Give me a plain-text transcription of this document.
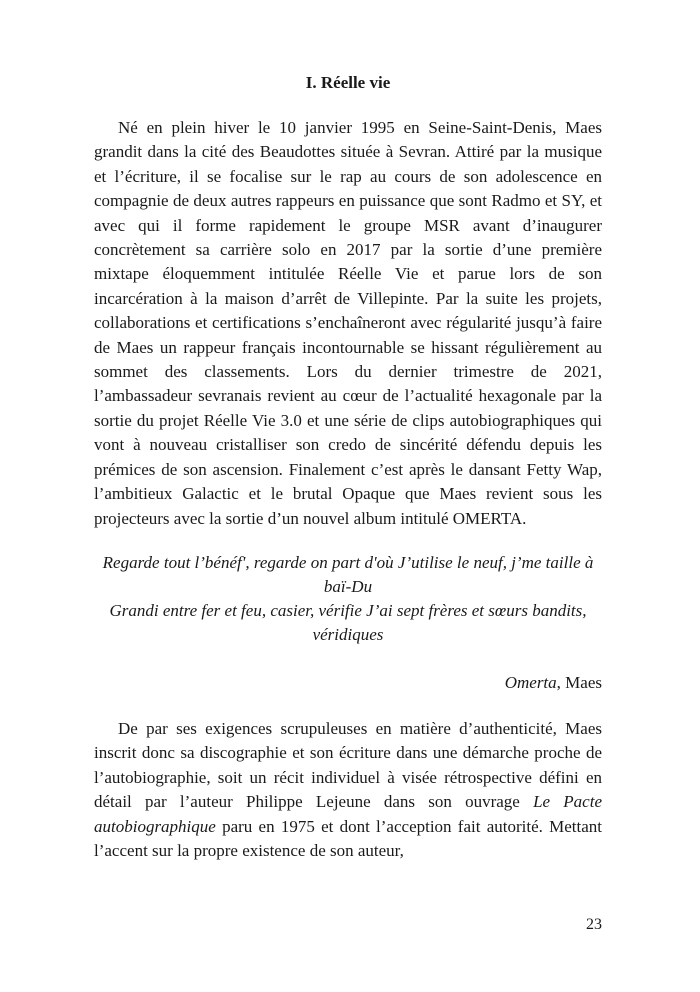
I. Réelle vie

Né en plein hiver le 10 janvier 1995 en Seine-Saint-Denis, Maes grandit dans la cité des Beaudottes située à Sevran. Attiré par la musique et l’écriture, il se focalise sur le rap au cours de son adolescence en compagnie de deux autres rappeurs en puissance que sont Radmo et SY, et avec qui il forme rapidement le groupe MSR avant d’inaugurer concrètement sa carrière solo en 2017 par la sortie d’une première mixtape éloquemment intitulée Réelle Vie et parue lors de son incarcération à la maison d’arrêt de Villepinte. Par la suite les projets, collaborations et certifications s’enchaîneront avec régularité jusqu’à faire de Maes un rappeur français incontournable se hissant régulièrement au sommet des classements. Lors du dernier trimestre de 2021, l’ambassadeur sevranais revient au cœur de l’actualité hexagonale par la sortie du projet Réelle Vie 3.0 et une série de clips autobiographiques qui vont à nouveau cristalliser son credo de sincérité défendu depuis les prémices de son ascension. Finalement c’est après le dansant Fetty Wap, l’ambitieux Galactic et le brutal Opaque que Maes revient sous les projecteurs avec la sortie d’un nouvel album intitulé OMERTA.

Regarde tout l’bénéf', regarde on part d'où J’utilise le neuf, j’me taille à baï-Du
Grandi entre fer et feu, casier, vérifie J’ai sept frères et sœurs bandits, véridiques
Omerta, Maes

De par ses exigences scrupuleuses en matière d’authenticité, Maes inscrit donc sa discographie et son écriture dans une démarche proche de l’autobiographie, soit un récit individuel à visée rétrospective défini en détail par l’auteur Philippe Lejeune dans son ouvrage Le Pacte autobiographique paru en 1975 et dont l’acception fait autorité. Mettant l’accent sur la propre existence de son auteur,

23
